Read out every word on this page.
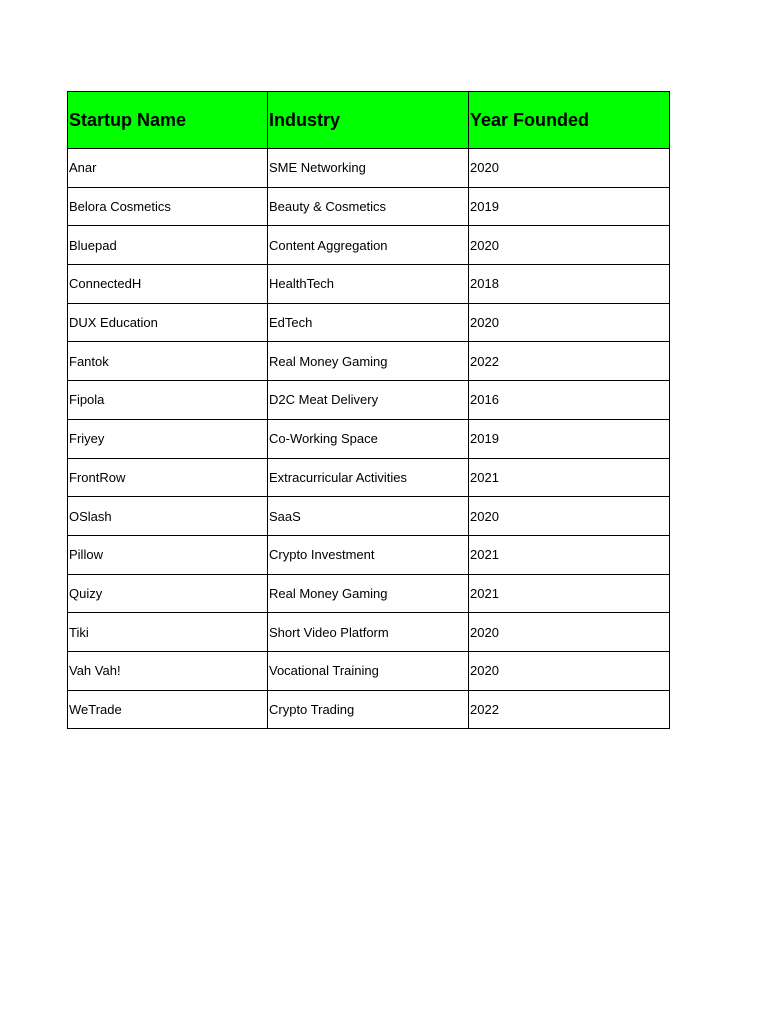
Startup Name	Industry	Year Founded
Anar	SME Networking	2020
Belora Cosmetics	Beauty & Cosmetics	2019
Bluepad	Content Aggregation	2020
ConnectedH	HealthTech	2018
DUX Education	EdTech	2020
Fantok	Real Money Gaming	2022
Fipola	D2C Meat Delivery	2016
Friyey	Co-Working Space	2019
FrontRow	Extracurricular Activities	2021
OSlash	SaaS	2020
Pillow	Crypto Investment	2021
Quizy	Real Money Gaming	2021
Tiki	Short Video Platform	2020
Vah Vah!	Vocational Training	2020
WeTrade	Crypto Trading	2022
